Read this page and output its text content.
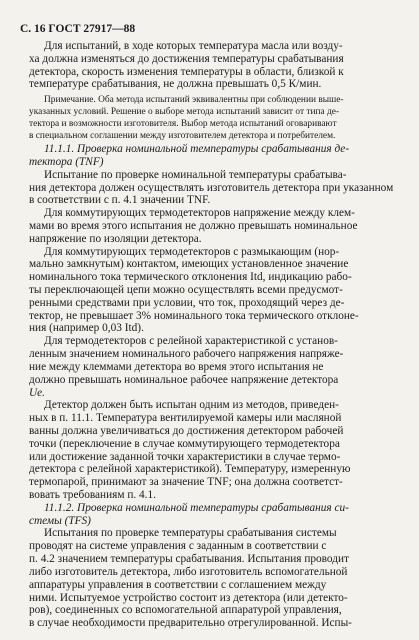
С. 16 ГОСТ 27917—88
Для испытаний, в ходе которых температура масла или возду-
ха должна изменяться до достижения температуры срабатывания
детектора, скорость изменения температуры в области, близкой к
температуре срабатывания, не должна превышать 0,5 К/мин.
Примечание. Оба метода испытаний эквивалентны при соблюдении выше-
указанных условий. Решение о выборе метода испытаний зависит от типа де-
тектора и возможности изготовителя. Выбор метода испытаний оговаривают
в специальном соглашении между изготовителем детектора и потребителем.
11.1.1. Проверка номинальной температуры срабатывания де-
тектора (TNF)
Испытание по проверке номинальной температуры срабатыва-
ния детектора должен осуществлять изготовитель детектора при указанном
в соответствии с п. 4.1 значении TNF.
Для коммутирующих термодетекторов напряжение между клем-
мами во время этого испытания не должно превышать номинальное
напряжение по изоляции детектора.
Для коммутирующих термодетекторов с размыкающим (нор-
мально замкнутым) контактом, имеющих установленное значение
номинального тока термического отклонения Itd, индикацию рабо-
ты переключающей цепи можно осуществлять всеми предусмот-
ренными средствами при условии, что ток, проходящий через де-
тектор, не превышает 3% номинального тока термического отклоне-
ния (например 0,03 Itd).
Для термодетекторов с релейной характеристикой с установ-
ленным значением номинального рабочего напряжения напряже-
ние между клеммами детектора во время этого испытания не
должно превышать номинальное рабочее напряжение детектора
Ue.
Детектор должен быть испытан одним из методов, приведен-
ных в п. 11.1. Температура вентилируемой камеры или масляной
ванны должна увеличиваться до достижения детектором рабочей
точки (переключение в случае коммутирующего термодетектора
или достижение заданной точки характеристики в случае термо-
детектора с релейной характеристикой). Температуру, измеренную
термопарой, принимают за значение TNF; она должна соответст-
вовать требованиям п. 4.1.
11.1.2. Проверка номинальной температуры срабатывания си-
стемы (TFS)
Испытания по проверке температуры срабатывания системы
проводят на системе управления с заданным в соответствии с
п. 4.2 значением температуры срабатывания. Испытания проводит
либо изготовитель детектора, либо изготовитель вспомогательной
аппаратуры управления в соответствии с соглашением между
ними. Испытуемое устройство состоит из детектора (или детекто-
ров), соединенных со вспомогательной аппаратурой управления,
в случае необходимости предварительно отрегулированной. Испы-
